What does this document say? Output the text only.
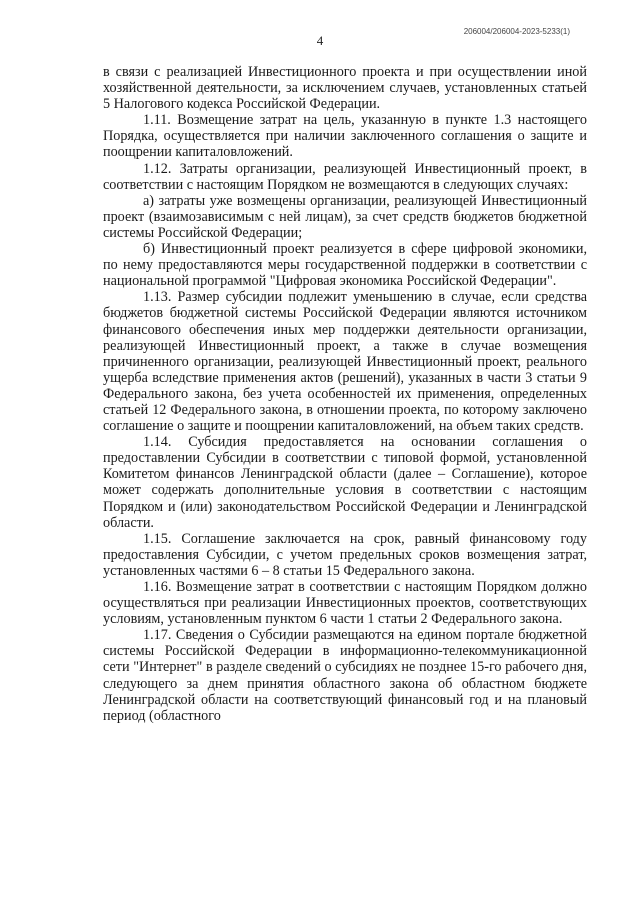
206004/206004-2023-5233(1)
4

в связи с реализацией Инвестиционного проекта и при осуществлении иной хозяйственной деятельности, за исключением случаев, установленных статьей 5 Налогового кодекса Российской Федерации.

1.11. Возмещение затрат на цель, указанную в пункте 1.3 настоящего Порядка, осуществляется при наличии заключенного соглашения о защите и поощрении капиталовложений.

1.12. Затраты организации, реализующей Инвестиционный проект, в соответствии с настоящим Порядком не возмещаются в следующих случаях:

а) затраты уже возмещены организации, реализующей Инвестиционный проект (взаимозависимым с ней лицам), за счет средств бюджетов бюджетной системы Российской Федерации;

б) Инвестиционный проект реализуется в сфере цифровой экономики, по нему предоставляются меры государственной поддержки в соответствии с национальной программой "Цифровая экономика Российской Федерации".

1.13. Размер субсидии подлежит уменьшению в случае, если средства бюджетов бюджетной системы Российской Федерации являются источником финансового обеспечения иных мер поддержки деятельности организации, реализующей Инвестиционный проект, а также в случае возмещения причиненного организации, реализующей Инвестиционный проект, реального ущерба вследствие применения актов (решений), указанных в части 3 статьи 9 Федерального закона, без учета особенностей их применения, определенных статьей 12 Федерального закона, в отношении проекта, по которому заключено соглашение о защите и поощрении капиталовложений, на объем таких средств.

1.14. Субсидия предоставляется на основании соглашения о предоставлении Субсидии в соответствии с типовой формой, установленной Комитетом финансов Ленинградской области (далее – Соглашение), которое может содержать дополнительные условия в соответствии с настоящим Порядком и (или) законодательством Российской Федерации и Ленинградской области.

1.15. Соглашение заключается на срок, равный финансовому году предоставления Субсидии, с учетом предельных сроков возмещения затрат, установленных частями 6 – 8 статьи 15 Федерального закона.

1.16. Возмещение затрат в соответствии с настоящим Порядком должно осуществляться при реализации Инвестиционных проектов, соответствующих условиям, установленным пунктом 6 части 1 статьи 2 Федерального закона.

1.17. Сведения о Субсидии размещаются на едином портале бюджетной системы Российской Федерации в информационно-телекоммуникационной сети "Интернет" в разделе сведений о субсидиях не позднее 15-го рабочего дня, следующего за днем принятия областного закона об областном бюджете Ленинградской области на соответствующий финансовый год и на плановый период (областного
